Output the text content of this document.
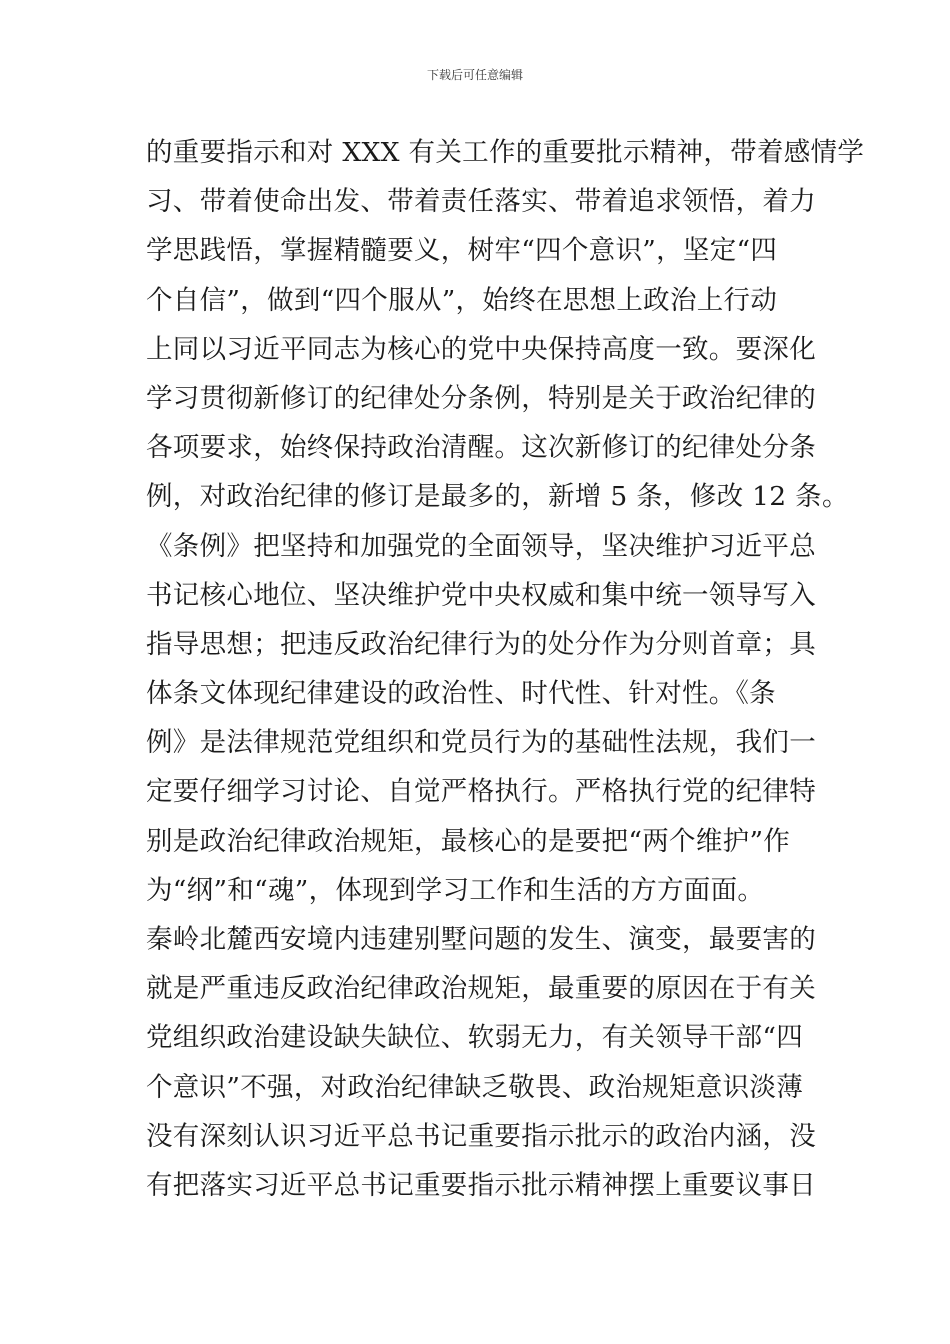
下载后可任意编辑
的重要指示和对 XXX 有关工作的重要批示精神，带着感情学
习、带着使命出发、带着责任落实、带着追求领悟，着力
学思践悟，掌握精髓要义，树牢“四个意识”，坚定“四
个自信”，做到“四个服从”，始终在思想上政治上行动
上同以习近平同志为核心的党中央保持高度一致。要深化
学习贯彻新修订的纪律处分条例，特别是关于政治纪律的
各项要求，始终保持政治清醒。这次新修订的纪律处分条
例，对政治纪律的修订是最多的，新增 5 条，修改 12 条。
《条例》把坚持和加强党的全面领导，坚决维护习近平总
书记核心地位、坚决维护党中央权威和集中统一领导写入
指导思想；把违反政治纪律行为的处分作为分则首章；具
体条文体现纪律建设的政治性、时代性、针对性。《条
例》是法律规范党组织和党员行为的基础性法规，我们一
定要仔细学习讨论、自觉严格执行。严格执行党的纪律特
别是政治纪律政治规矩，最核心的是要把“两个维护”作
为“纲”和“魂”，体现到学习工作和生活的方方面面。
秦岭北麓西安境内违建别墅问题的发生、演变，最要害的
就是严重违反政治纪律政治规矩，最重要的原因在于有关
党组织政治建设缺失缺位、软弱无力，有关领导干部“四
个意识”不强，对政治纪律缺乏敬畏、政治规矩意识淡薄
没有深刻认识习近平总书记重要指示批示的政治内涵，没
有把落实习近平总书记重要指示批示精神摆上重要议事日
